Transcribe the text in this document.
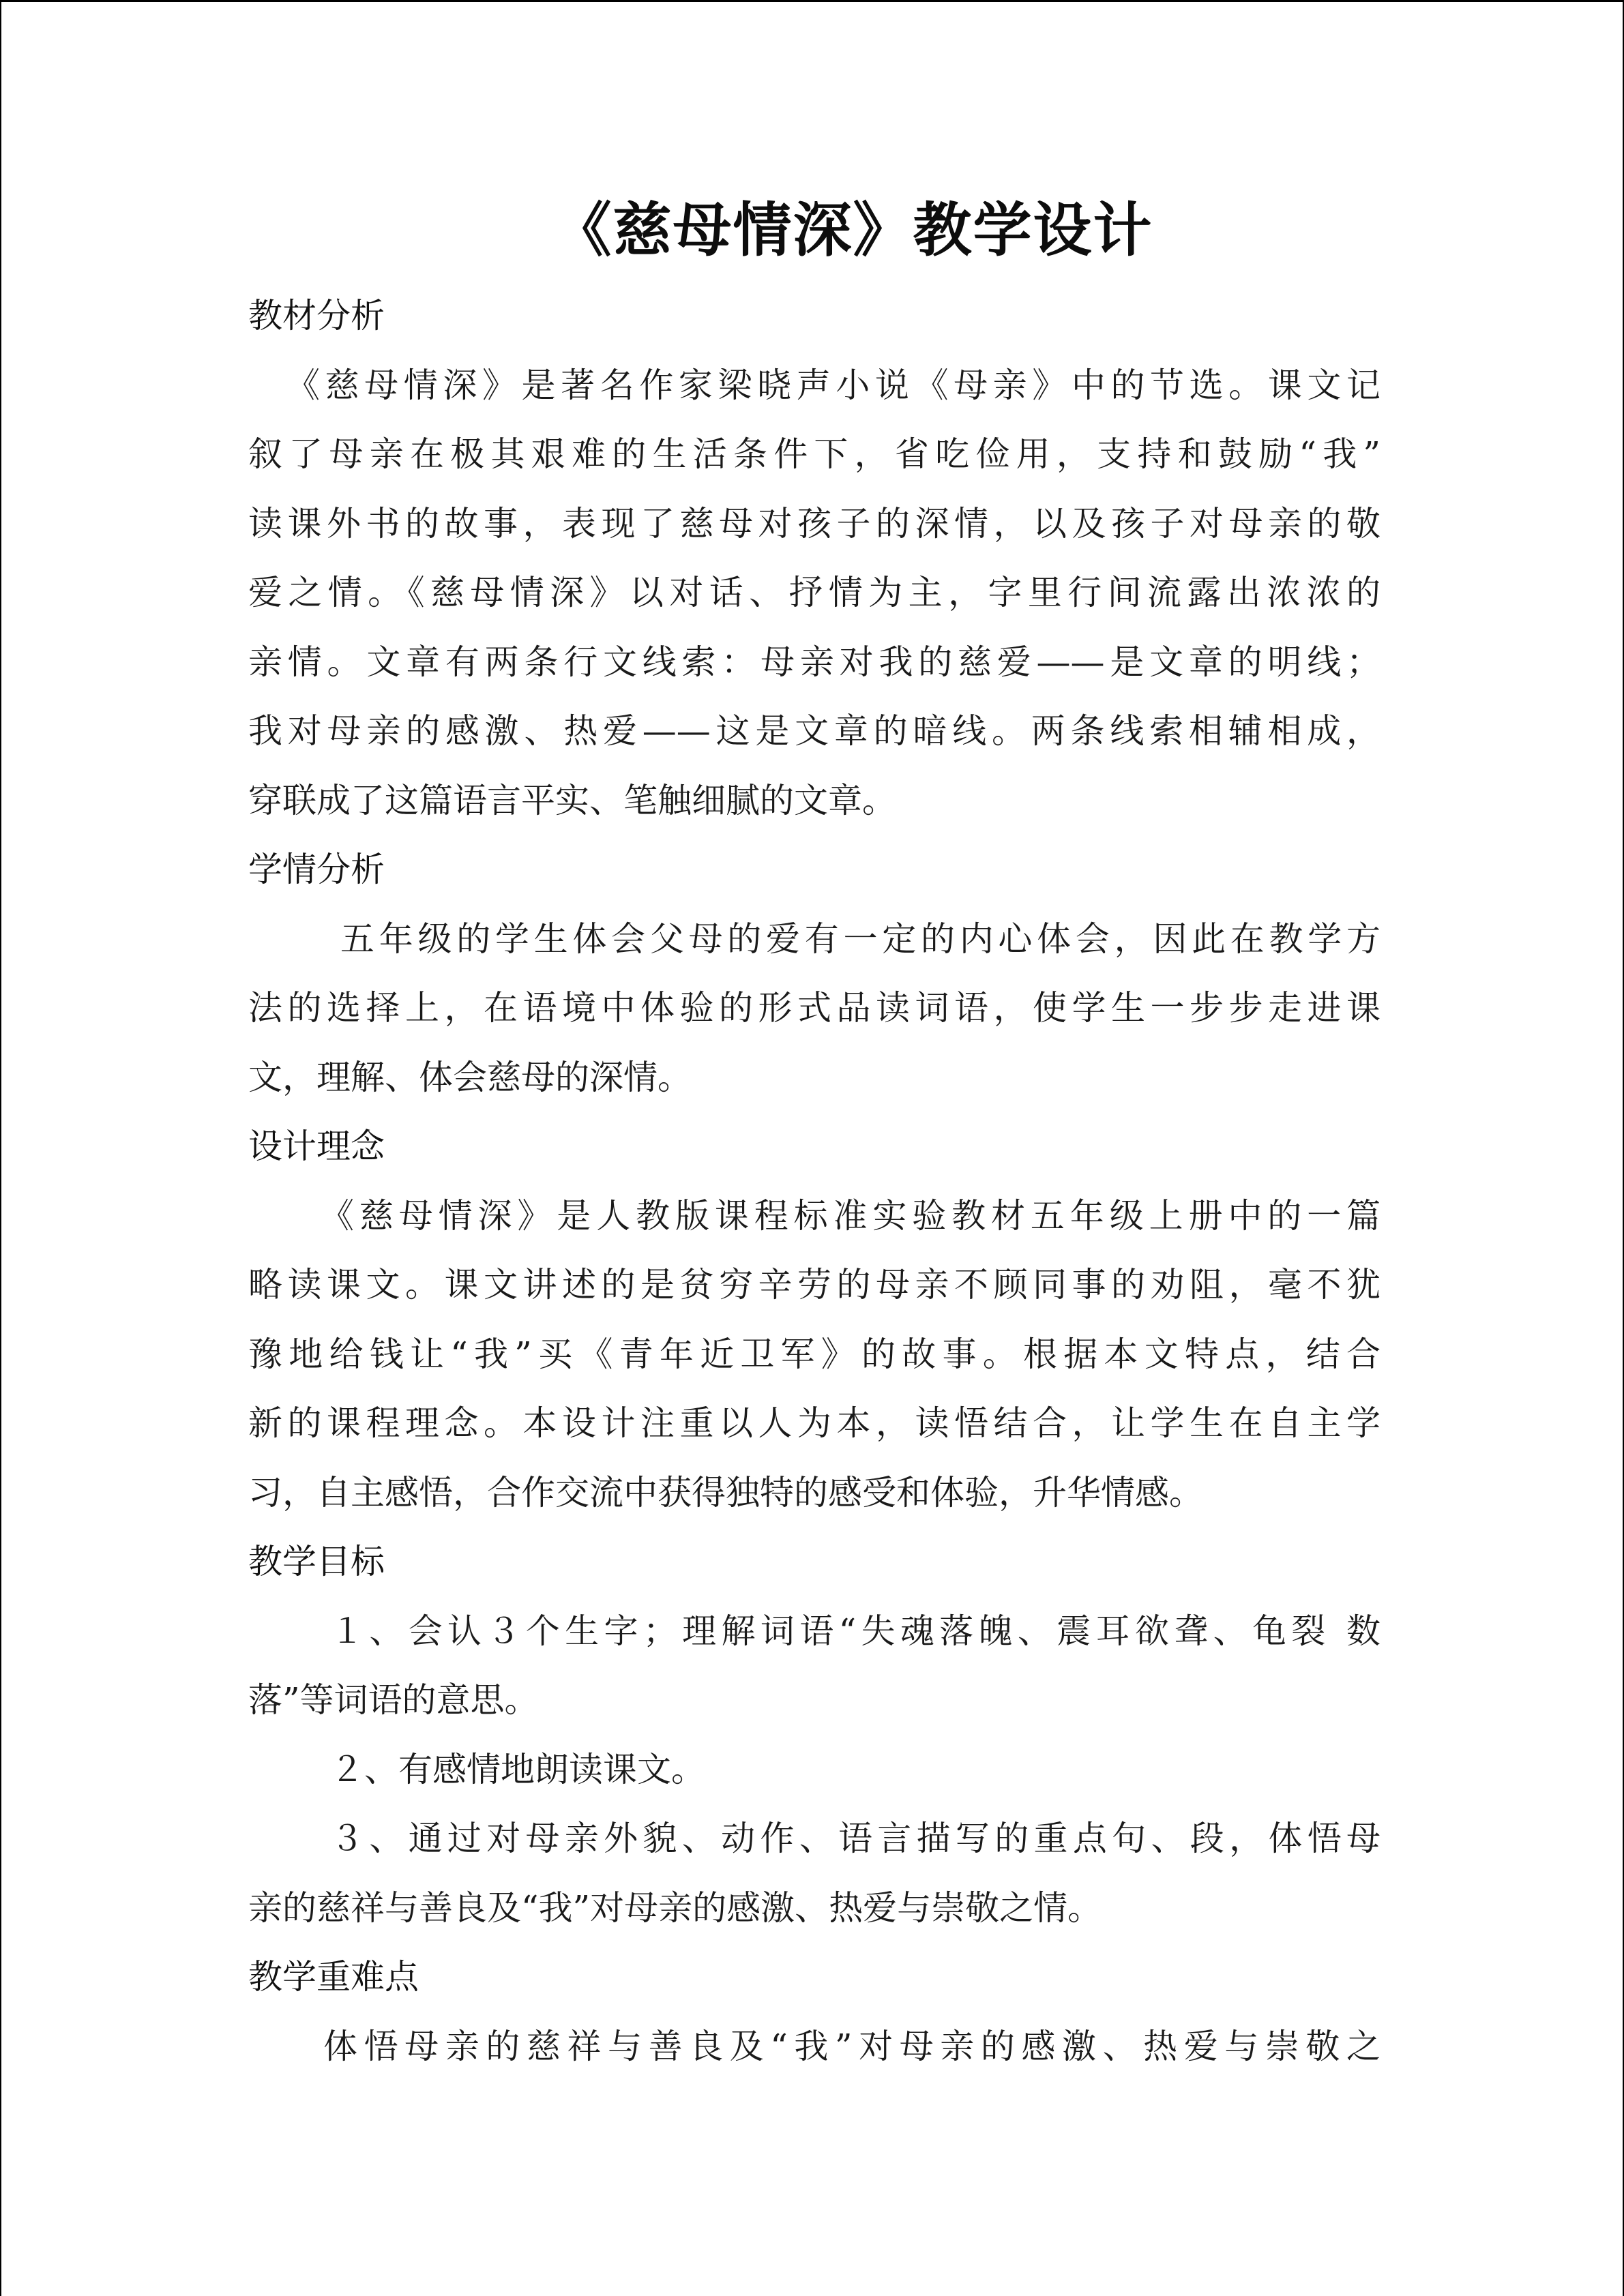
《慈母情深》教学设计
教材分析
《慈母情深》是著名作家梁晓声小说《母亲》中的节选。课文记
叙了母亲在极其艰难的生活条件下，省吃俭用，支持和鼓励“我”
读课外书的故事，表现了慈母对孩子的深情，以及孩子对母亲的敬
爱之情。《慈母情深》以对话、抒情为主，字里行间流露出浓浓的
亲情。文章有两条行文线索：母亲对我的慈爱——是文章的明线；
我对母亲的感激、热爱——这是文章的暗线。两条线索相辅相成，
穿联成了这篇语言平实、笔触细腻的文章。
学情分析
五年级的学生体会父母的爱有一定的内心体会，因此在教学方
法的选择上，在语境中体验的形式品读词语，使学生一步步走进课
文，理解、体会慈母的深情。
设计理念
《慈母情深》是人教版课程标准实验教材五年级上册中的一篇
略读课文。课文讲述的是贫穷辛劳的母亲不顾同事的劝阻，毫不犹
豫地给钱让“我”买《青年近卫军》的故事。根据本文特点，结合
新的课程理念。本设计注重以人为本，读悟结合，让学生在自主学
习，自主感悟，合作交流中获得独特的感受和体验，升华情感。
教学目标
１、会认３个生字；理解词语“失魂落魄、震耳欲聋、龟裂 数
落”等词语的意思。
２、有感情地朗读课文。
３、通过对母亲外貌、动作、语言描写的重点句、段，体悟母
亲的慈祥与善良及“我”对母亲的感激、热爱与崇敬之情。
教学重难点
体悟母亲的慈祥与善良及“我”对母亲的感激、热爱与崇敬之
